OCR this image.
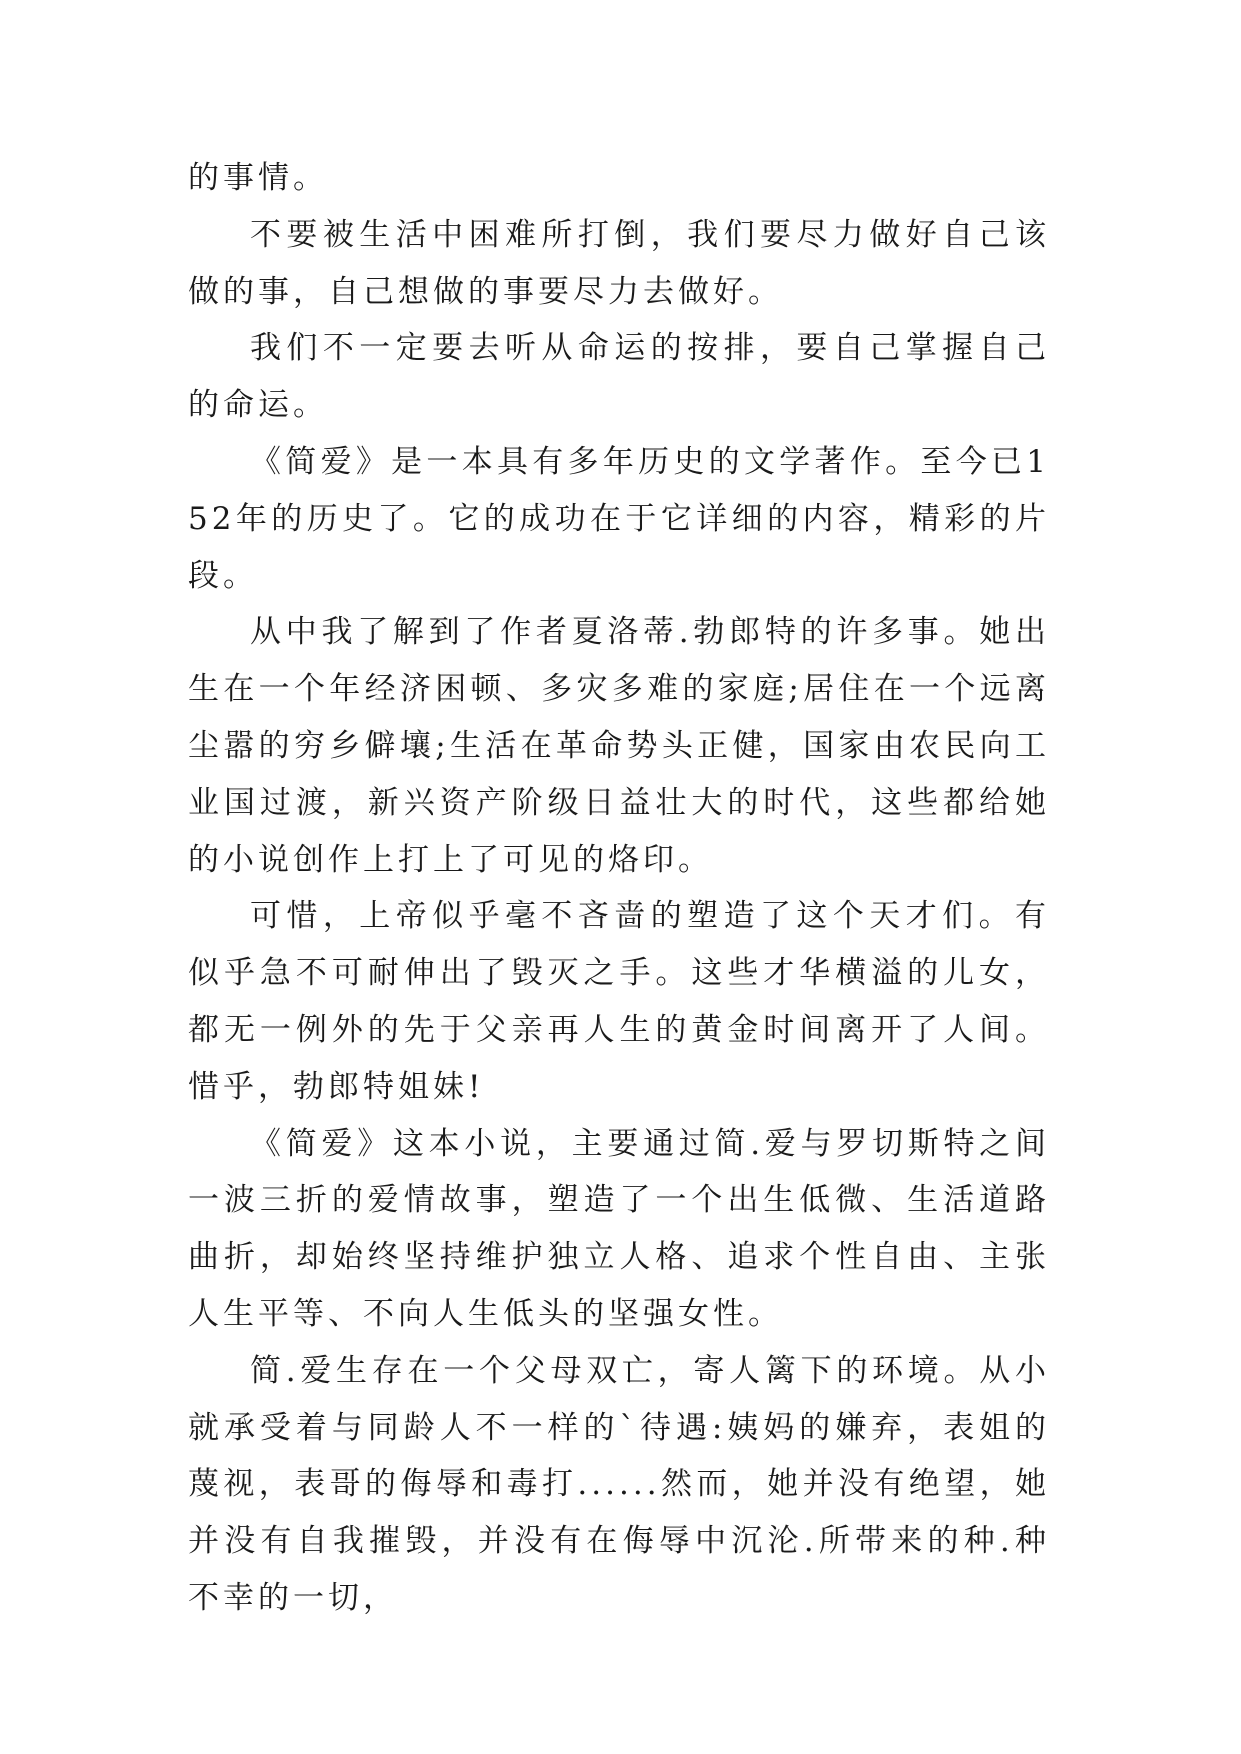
的事情。

不要被生活中困难所打倒，我们要尽力做好自己该做的事，自己想做的事要尽力去做好。

我们不一定要去听从命运的按排，要自己掌握自己的命运。

《简爱》是一本具有多年历史的文学著作。至今已152年的历史了。它的成功在于它详细的内容，精彩的片段。

从中我了解到了作者夏洛蒂.勃郎特的许多事。她出生在一个年经济困顿、多灾多难的家庭;居住在一个远离尘嚣的穷乡僻壤;生活在革命势头正健，国家由农民向工业国过渡，新兴资产阶级日益壮大的时代，这些都给她的小说创作上打上了可见的烙印。

可惜，上帝似乎毫不吝啬的塑造了这个天才们。有似乎急不可耐伸出了毁灭之手。这些才华横溢的儿女，都无一例外的先于父亲再人生的黄金时间离开了人间。惜乎，勃郎特姐妹!

《简爱》这本小说，主要通过简.爱与罗切斯特之间一波三折的爱情故事，塑造了一个出生低微、生活道路曲折，却始终坚持维护独立人格、追求个性自由、主张人生平等、不向人生低头的坚强女性。

简.爱生存在一个父母双亡，寄人篱下的环境。从小就承受着与同龄人不一样的`待遇:姨妈的嫌弃，表姐的蔑视，表哥的侮辱和毒打......然而，她并没有绝望，她并没有自我摧毁，并没有在侮辱中沉沦.所带来的种.种不幸的一切，
